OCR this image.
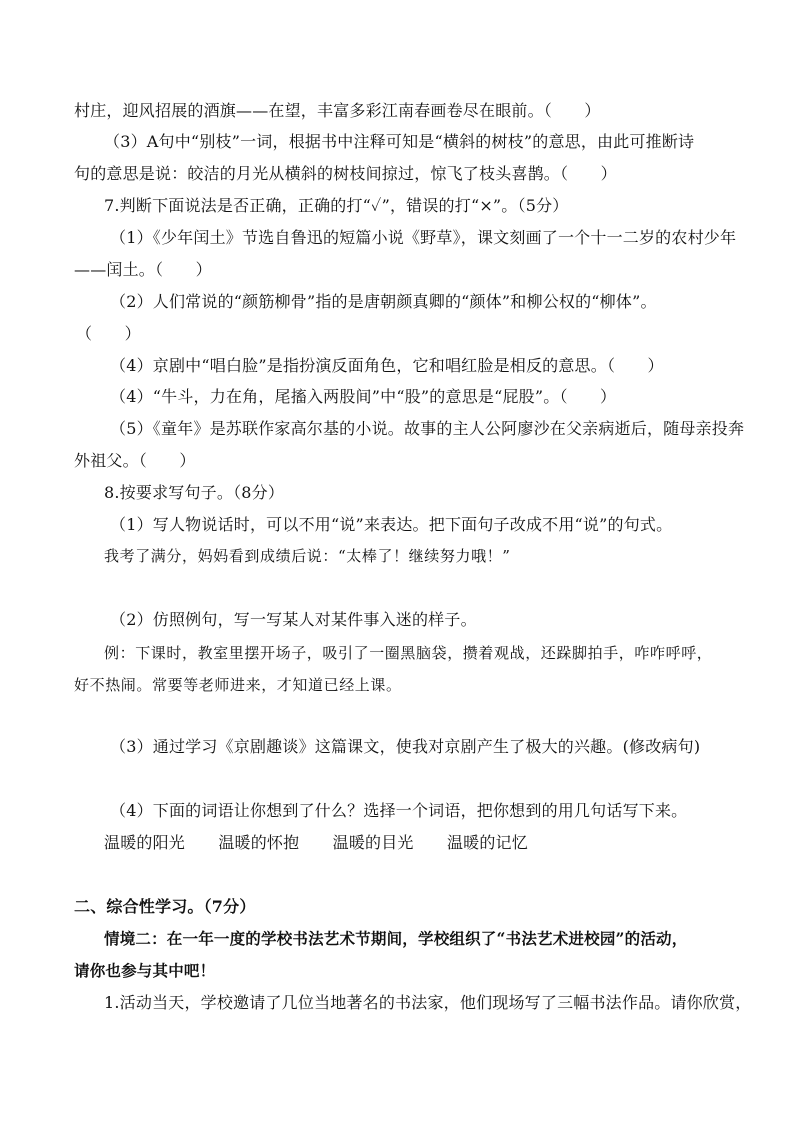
村庄，迎风招展的酒旗——在望，丰富多彩江南春画卷尽在眼前。（　　）
（3）A句中“别枝”一词，根据书中注释可知是“横斜的树枝”的意思，由此可推断诗
句的意思是说：皎洁的月光从横斜的树枝间掠过，惊飞了枝头喜鹊。（　　）
7.判断下面说法是否正确，正确的打“✓”，错误的打“×”。（5分）
（1）《少年闰土》节选自鲁迅的短篇小说《野草》，课文刻画了一个十一二岁的农村少年
——闰土。（　　）
（2）人们常说的“颜筋柳骨”指的是唐朝颜真卿的“颜体”和柳公权的“柳体”。
（　　）
（4）京剧中“唱白脸”是指扮演反面角色，它和唱红脸是相反的意思。（　　）
（4）“牛斗，力在角，尾搐入两股间”中“股”的意思是“屁股”。（　　）
（5）《童年》是苏联作家高尔基的小说。故事的主人公阿廖沙在父亲病逝后，随母亲投奔
外祖父。（　　）
8.按要求写句子。（8分）
（1）写人物说话时，可以不用“说”来表达。把下面句子改成不用“说”的句式。
我考了满分，妈妈看到成绩后说：“太棒了！继续努力哦！”
（2）仿照例句，写一写某人对某件事入迷的样子。
例：下课时，教室里摆开场子，吸引了一圈黑脑袋，攒着观战，还跺脚拍手，咋咋呼呼，
好不热闹。常要等老师进来，才知道已经上课。
（3）通过学习《京剧趣谈》这篇课文，使我对京剧产生了极大的兴趣。(修改病句)
（4）下面的词语让你想到了什么？选择一个词语，把你想到的用几句话写下来。
温暖的阳光 温暖的怀抱 温暖的目光 温暖的记忆
二、综合性学习。（7分）
情境二：在一年一度的学校书法艺术节期间，学校组织了“书法艺术进校园”的活动，
请你也参与其中吧！
1.活动当天，学校邀请了几位当地著名的书法家，他们现场写了三幅书法作品。请你欣赏，
